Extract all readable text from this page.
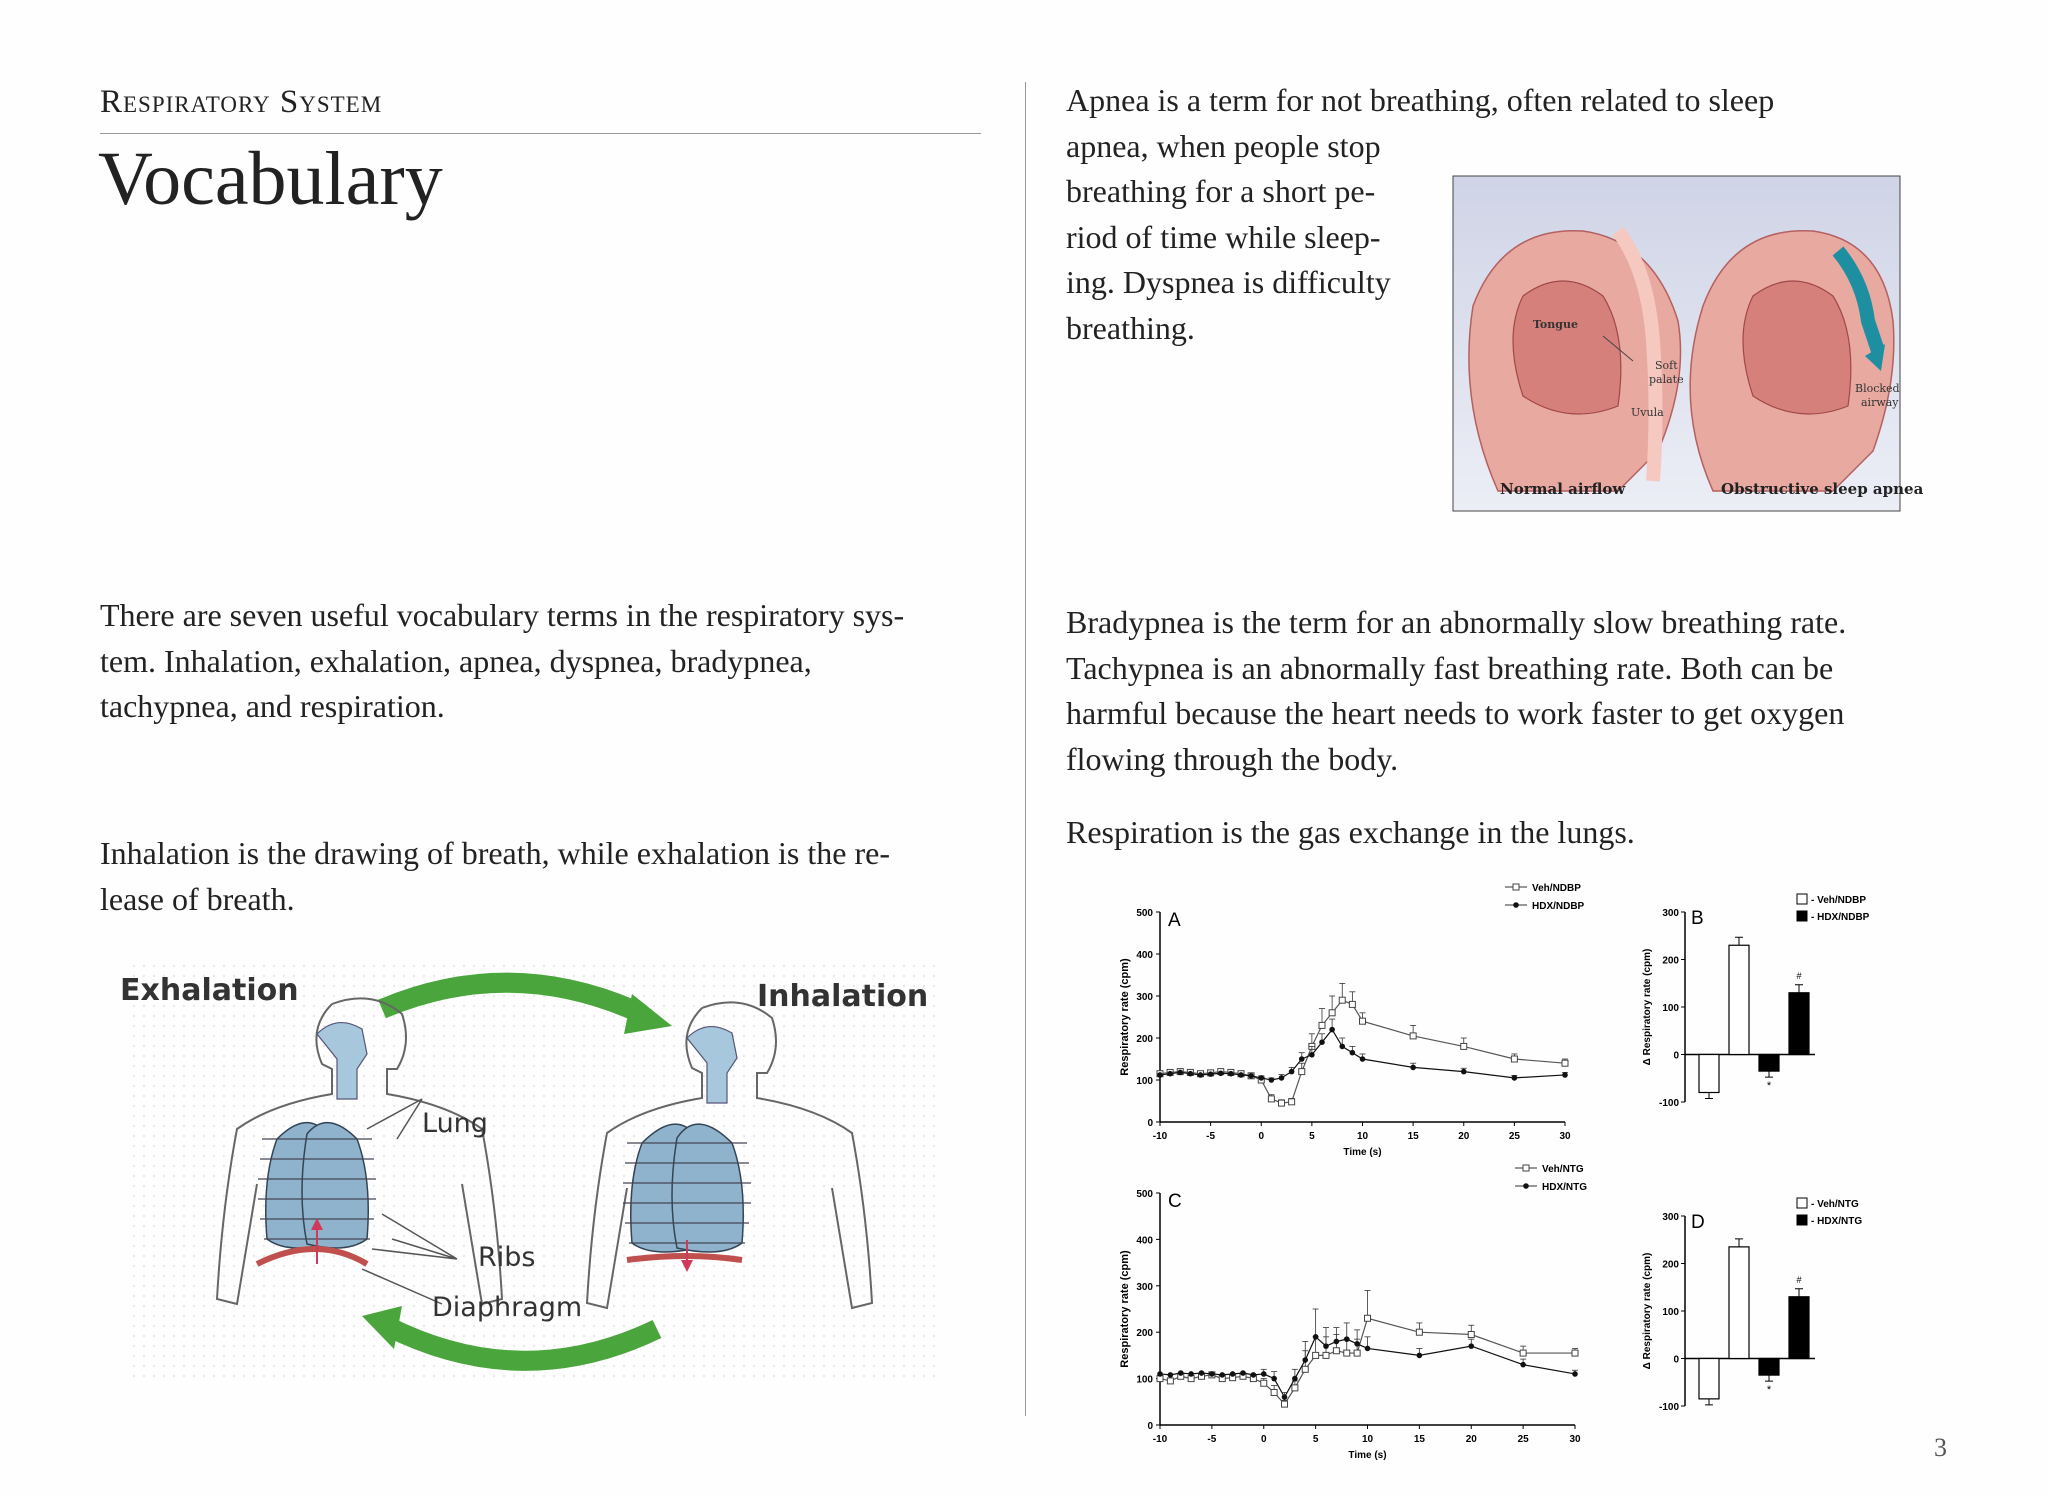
Respiratory System
Vocabulary

There are seven useful vocabulary terms in the respiratory sys-

tem. Inhalation, exhalation, apnea, dyspnea, bradypnea,

tachypnea, and respiration.

Inhalation is the drawing of breath, while exhalation is the re-

lease of breath.

Exhalation	Inhalation
Lung
Ribs
Diaphragm

Apnea is a term for not breathing, often related to sleep

apnea, when people stop

breathing for a short pe-

riod of time while sleep-

ing. Dyspnea is difficulty

breathing.	Tongue
Soft
palate
Uvula
Blocked
airway
Normal airflow	Obstructive sleep apnea

Bradypnea is the term for an abnormally slow breathing rate.

Tachypnea is an abnormally fast breathing rate. Both can be

harmful because the heart needs to work faster to get oxygen

flowing through the body.

Respiration is the gas exchange in the lungs.

0
100
200
300
400
500
-10	-5	0	5	10	15	20	25	30
Time (s)
Respiratory rate (cpm)
A
Veh/NDBP
HDX/NDBP
-100
0
100
200
300
Δ Respiratory rate (cpm)
B
*
#
- Veh/NDBP
- HDX/NDBP
0
100
200
300
400
500
-10	-5	0	5	10	15	20	25	30
Time (s)
Respiratory rate (cpm)
C
Veh/NTG
HDX/NTG
-100
0
100
200
300
Δ Respiratory rate (cpm)
D
*
#
- Veh/NTG
- HDX/NTG
3
